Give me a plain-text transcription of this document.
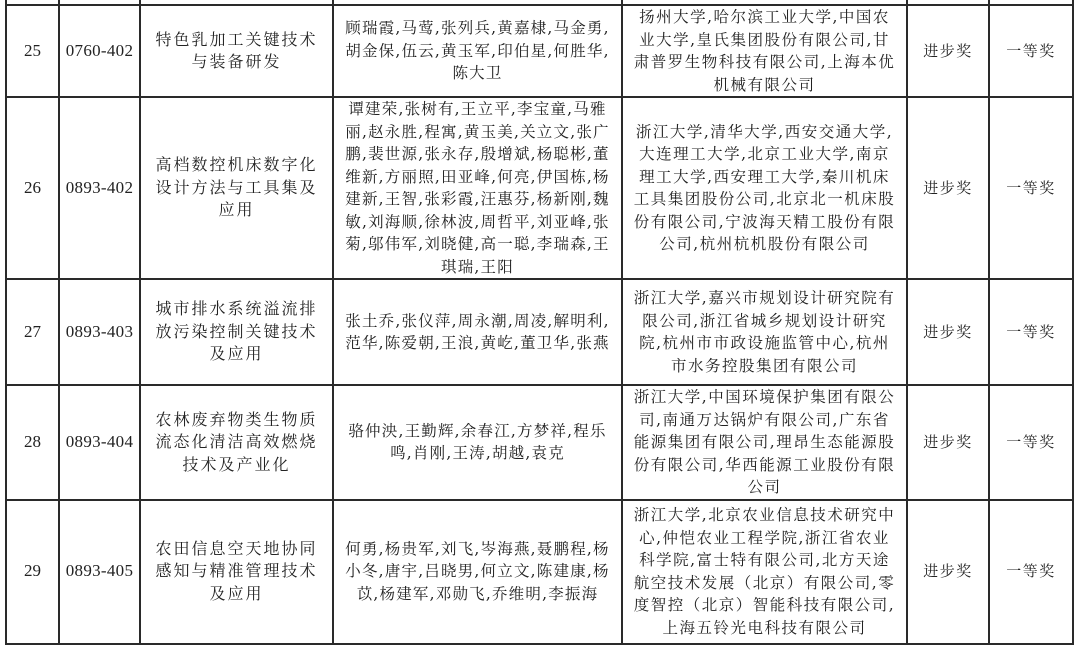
25	0760-402	特色乳加工关键技术与装备研发	顾瑞霞,马莺,张列兵,黄嘉棣,马金勇,胡金保,伍云,黄玉军,印伯星,何胜华,陈大卫	扬州大学,哈尔滨工业大学,中国农业大学,皇氏集团股份有限公司,甘肃普罗生物科技有限公司,上海本优机械有限公司	进步奖	一等奖
26	0893-402	高档数控机床数字化设计方法与工具集及应用	谭建荣,张树有,王立平,李宝童,马雅丽,赵永胜,程寓,黄玉美,关立文,张广鹏,裴世源,张永存,殷增斌,杨聪彬,董维新,方丽照,田亚峰,何亮,伊国栋,杨建新,王智,张彩霞,汪惠芬,杨新刚,魏敏,刘海顺,徐林波,周哲平,刘亚峰,张菊,邬伟军,刘晓健,高一聪,李瑞森,王琪瑞,王阳	浙江大学,清华大学,西安交通大学,大连理工大学,北京工业大学,南京理工大学,西安理工大学,秦川机床工具集团股份公司,北京北一机床股份有限公司,宁波海天精工股份有限公司,杭州杭机股份有限公司	进步奖	一等奖
27	0893-403	城市排水系统溢流排放污染控制关键技术及应用	张土乔,张仪萍,周永潮,周凌,解明利,范华,陈爱朝,王浪,黄屹,董卫华,张燕	浙江大学,嘉兴市规划设计研究院有限公司,浙江省城乡规划设计研究院,杭州市市政设施监管中心,杭州市水务控股集团有限公司	进步奖	一等奖
28	0893-404	农林废弃物类生物质流态化清洁高效燃烧技术及产业化	骆仲泱,王勤辉,余春江,方梦祥,程乐鸣,肖刚,王涛,胡越,袁克	浙江大学,中国环境保护集团有限公司,南通万达锅炉有限公司,广东省能源集团有限公司,理昂生态能源股份有限公司,华西能源工业股份有限公司	进步奖	一等奖
29	0893-405	农田信息空天地协同感知与精准管理技术及应用	何勇,杨贵军,刘飞,岑海燕,聂鹏程,杨小冬,唐宇,吕晓男,何立文,陈建康,杨苡,杨建军,邓勋飞,乔维明,李振海	浙江大学,北京农业信息技术研究中心,仲恺农业工程学院,浙江省农业科学院,富士特有限公司,北方天途航空技术发展（北京）有限公司,零度智控（北京）智能科技有限公司,上海五铃光电科技有限公司	进步奖	一等奖
